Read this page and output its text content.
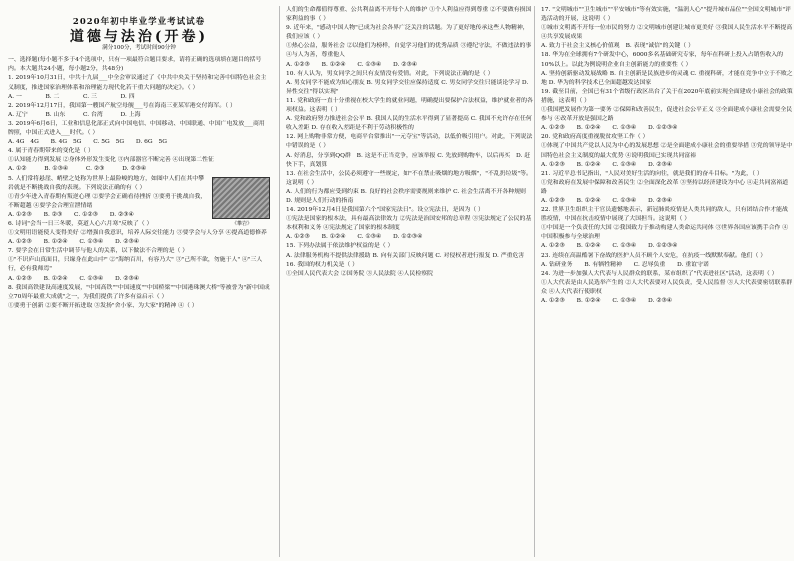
2020年初中毕业学业考试试卷
道德与法治(开卷)
满分100分，考试时间90分钟
一、选择题(每小题不多于4个选项中，只有一项最符合题目要求，请将正确的选项填在题目的括号内。本大题共24小题，每小题2分，共48分)
1. 2019年10月31日，中共十九届___中全会审议通过了《中共中央关于坚持和完善中国特色社会主义制度，推进国家治理体系和治理能力现代化若干重大问题的决定》。（ ）
A. 一　　　　B. 二　　　　C. 三　　　　D. 四
2. 2019年12月17日，我国第一艘国产航空母舰___号在海南三亚某军港交付海军。（ ）
A. 辽宁　　　B. 山东　　　C. 台湾　　　D. 上海
3. 2019年6月6日，工业和信息化部正式向中国电信、中国移动、中国联通、中国广电发放___商用牌照，中国正式进入___时代。（ ）
A. 4G　4G　　B. 4G　5G　　C. 5G　5G　　D. 6G　5G
4. 属于青春期带来的变化是（ ）
①认知能力得到发展 ②身体外形发生变化 ③内部器官不断完善 ④出现第二性征
A. ①②　　　B. ①③④　　　C. ②③　　　D. ②③④
《攀岩》
5. 人们常将悬崖、峭壁之处称为世界上最险峻的地方，如图中人们在其中攀岩就是不断挑战自我的表现。下列说法正确的有（ ）
①青少年进入青春期有叛逆心理 ②要学会正确看待挫折 ③要勇于挑战自我，不断超越 ④要学会合理宣泄情绪
A. ①②③　　B. ②③　　C. ①②③　　D. ②③④
6. 诗词"会当一日三冬暖，莫道人心六月寒"反映了（ ）
①文明用语能使人变得美好 ②增强自我意识，培养人际交往能力 ③要学会与人分享 ④提高道德修养
A. ①②③　　B. ①②④　　C. ①③④　　D. ②③④
7. 要学会在日常生活中调节与他人的关系，以下做法不合理的是（ ）
①"不识庐山真面目，只缘身在此山中" ②"海纳百川，有容乃大" ③"己所不欲，勿施于人" ④"三人行，必有我师焉"
A. ①②③　　B. ①②④　　C. ①③④　　D. ②③④
8. 我国高铁建设高速度发展，"中国高铁""中国速度""中国桥梁""中国港珠澳大桥"等被誉为"新中国成立70周年最重大成就"之一，为我们提供了许多有益启示（ ）
①要勇于创新 ②要不断开拓进取 ③发扬"舍小家、为大家"的精神 ④（ ）
人们的生命都值得尊重、公共利益离不开每个人的维护 ①个人利益应得到尊重 ②不要做有损国家利益的事（ ）
9. 近年来，"感动中国人物"已成为社会各界广泛关注的话题。为了更好地传承这些人物精神，我们应该（ ）
①热心公益，服务社会 ②以他们为榜样，自觉学习他们的优秀品质 ③遵纪守法，不做违法的事 ④与人为善，尊重他人
A. ①②③　　B. ①②④　　C. ①③④　　D. ②③④
10. 有人认为，男女同学之间只有友情没有爱情。对此，下列说法正确的是（ ）
A. 男女同学不能成为知心朋友 B. 男女同学交往应保持适度 C. 男女同学交往只能谈论学习 D. 异性交往"得以实现"
11. 党和政府一直十分重视在校大学生的就业问题，明确提出要保护合法权益，维护就业者的各项权益。这表明（ ）
A. 党和政府努力推进社会公平 B. 我国人民的生活水平得到了显著提高 C. 我国不允许存在任何收入差距 D. 存在收入差距是不利于劳动积极性的
12. 网上购物非常方便，电商平台常推出"一元夺宝"等活动，以低价吸引用户。对此，下列说法中错误的是（ ）
A. 好消息，分享到QQ群　B. 这是不正当竞争，应该举报 C. 先放到购物车，以后再买　D. 赶快下手，真划算
13. 在社会生活中，公民必须遵守一些规定，如"不在禁止吸烟的地方吸烟"，"不乱扔垃圾"等。这说明（ ）
A. 人们的行为都应受到约束 B. 良好的社会秩序需要规则来维护 C. 社会生活离不开各种规则 D. 规则是人们行动的指南
14. 2019年12月4日是我国第六个"国家宪法日"。设立宪法日，是因为（ ）
①宪法是国家的根本法，具有最高法律效力 ②宪法是治国安邦的总章程 ③宪法规定了公民的基本权利和义务 ④宪法规定了国家的根本制度
A. ①②③　　B. ①②④　　C. ①③④　　D. ①②③④
15. 下列办法属于依法维护权益的是（ ）
A. 法律服务机构不提供法律援助 B. 向有关部门反映问题 C. 对侵权者进行报复 D. 严重危害
16. 我国的权力机关是（ ）
①全国人民代表大会 ②国务院 ③人民法院 ④人民检察院
17. "文明城市""卫生城市""平安城市"等有效实施，"温润人心""提升城市品位""全国文明城市"评选活动的开展，这说明（ ）
①城市文明离不开每一位市民的努力 ②文明城市创建让城市更美好 ③我国人民生活水平不断提高 ④共享发展成果
A. 致力于社会主义核心价值观　B. 表现"诚信"的关键（ ）
18. 华为在全球拥有7个研发中心，6000多名基础研究专家，每年在科研上投入占销售收入的10%以上。以此为例说明企业自主创新能力的重要性（ ）
A. 坚持创新驱动发展战略 B. 自主创新是民族进步的灵魂 C. 重视科研，才能在竞争中立于不败之地 D. 华为的科学技术已全面超越发达国家
19. 截至目前，全国已有31个省级行政区出台了关于在2020年底前实现全面建成小康社会的政策措施，这表明（ ）
①我国把发展作为第一要务 ②保障和改善民生，促进社会公平正义 ③全面建成小康社会需要全民参与 ④改革开放是强国之路
A. ①②③　　B. ①②④　　C. ①③④　　D. ①②③④
20. 党和政府高度重视脱贫攻坚工作（ ）
①体现了中国共产党以人民为中心的发展思想 ②是全面建成小康社会的重要举措 ③党的领导是中国特色社会主义制度的最大优势 ④说明我国已实现共同富裕
A. ①②③　　B. ①②④　　C. ①③④　　D. ②③④
21. 习近平总书记指出，"人民对美好生活的向往，就是我们的奋斗目标。"为此，（ ）
①党和政府在发展中保障和改善民生 ②全面深化改革 ③坚持以经济建设为中心 ④走共同富裕道路
A. ①②③　　B. ①②④　　C. ①③④　　D. ②③④
22. 世界卫生组织主干官员遗憾地表示，新冠肺炎疫情是人类共同的敌人，只有团结合作才能战胜疫情，中国在抗击疫情中展现了大国担当。这说明（ ）
①中国是一个负责任的大国 ②我国致力于推动构建人类命运共同体 ③世界各国应该携手合作 ④中国积极参与全球治理
A. ①②③　　B. ①②④　　C. ①③④　　D. ①②③④
23. 连续在高温酷暑下奋战的医护人员不顾个人安危，在抗疫一线默默奉献。他们（ ）
A. 钻研业务　　B. 有牺牲精神　　C. 忍辱负重　　D. 重谊守诺
24. 为进一步加强人大代表与人民群众的联系，某市组织了"代表进社区"活动，这表明（ ）
①人大代表是由人民选举产生的 ②人大代表要对人民负责，受人民监督 ③人大代表要密切联系群众 ④人大代表行使职权
A. ①②③　　B. ①②④　　C. ①③④　　D. ②③④
